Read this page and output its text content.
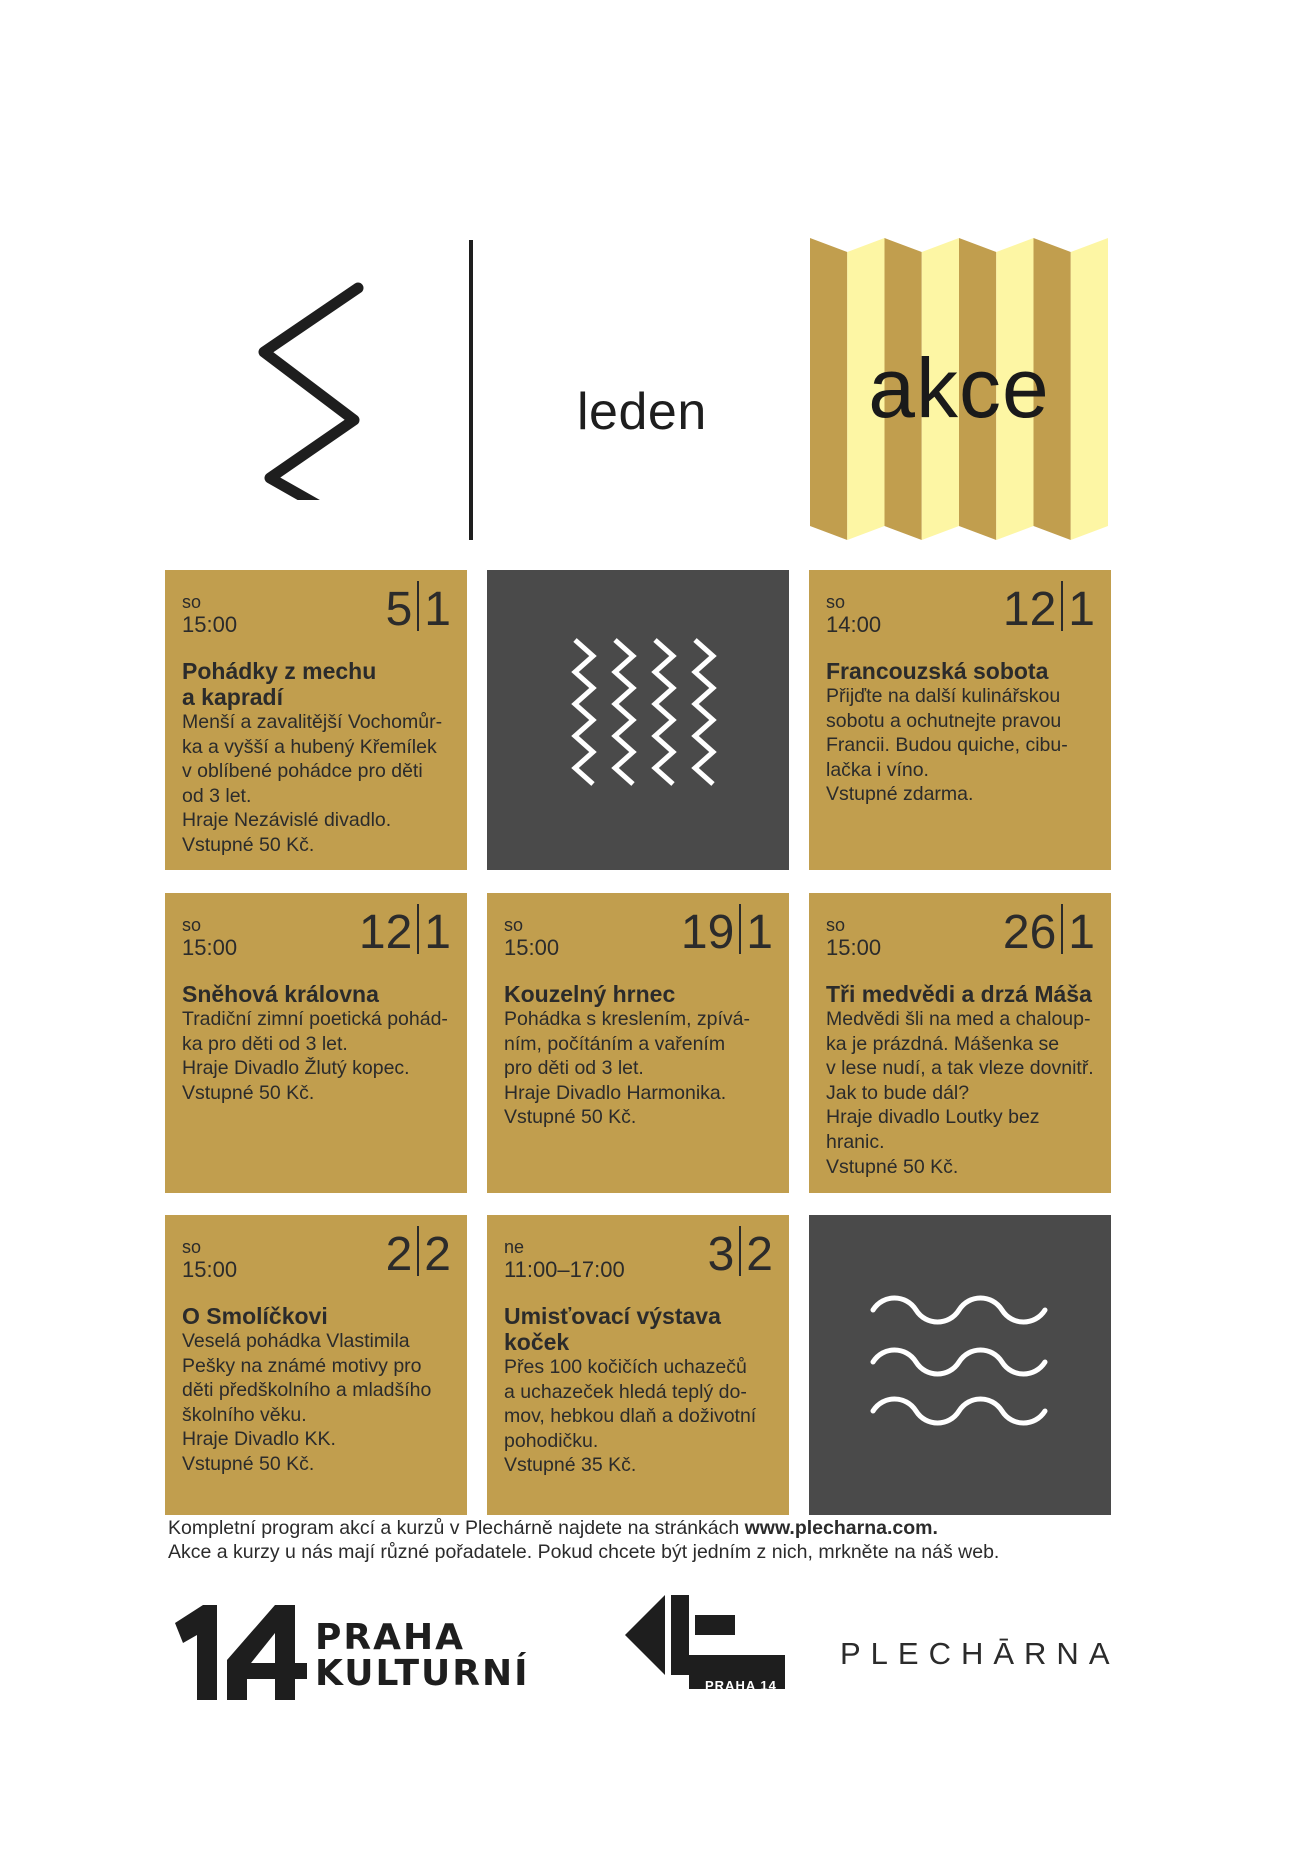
leden	akce
so
15:00	5 1
Pohádky z mechu
a kapradí
Menší a zavalitější Vochomůr-
ka a vyšší a hubený Křemílek
v oblíbené pohádce pro děti
od 3 let.
Hraje Nezávislé divadlo.
Vstupné 50 Kč.
so
14:00	12 1
Francouzská sobota
Přijďte na další kulinářskou
sobotu a ochutnejte pravou
Francii. Budou quiche, cibu-
lačka i víno.
Vstupné zdarma.
so
15:00	12 1
Sněhová královna
Tradiční zimní poetická pohád-
ka pro děti od 3 let.
Hraje Divadlo Žlutý kopec.
Vstupné 50 Kč.
so
15:00	19 1
Kouzelný hrnec
Pohádka s kreslením, zpívá-
ním, počítáním a vařením
pro děti od 3 let.
Hraje Divadlo Harmonika.
Vstupné 50 Kč.
so
15:00	26 1
Tři medvědi a drzá Máša
Medvědi šli na med a chaloup-
ka je prázdná. Mášenka se
v lese nudí, a tak vleze dovnitř.
Jak to bude dál?
Hraje divadlo Loutky bez
hranic.
Vstupné 50 Kč.
so
15:00	2 2
O Smolíčkovi
Veselá pohádka Vlastimila
Pešky na známé motivy pro
děti předškolního a mladšího
školního věku.
Hraje Divadlo KK.
Vstupné 50 Kč.
ne
11:00–17:00	3 2
Umisťovací výstava
koček
Přes 100 kočičích uchazečů
a uchazeček hledá teplý do-
mov, hebkou dlaň a doživotní
pohodičku.
Vstupné 35 Kč.
Kompletní program akcí a kurzů v Plechárně najdete na stránkách www.plecharna.com.
Akce a kurzy u nás mají různé pořadatele. Pokud chcete být jedním z nich, mrkněte na náš web.
PRAHA
KULTURNÍ	PRAHA 14
PLECHĀRNA
